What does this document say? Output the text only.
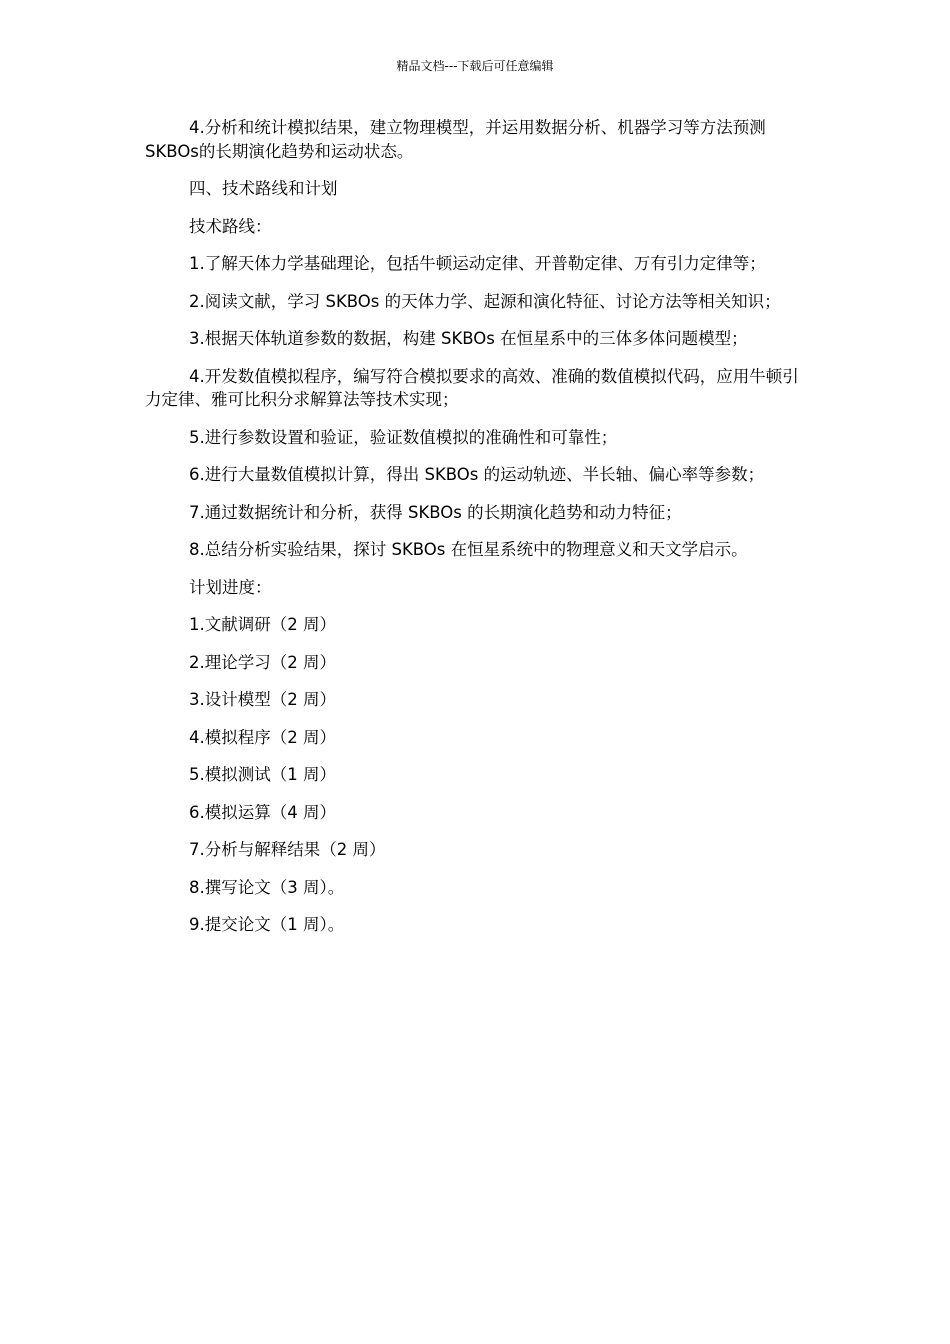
精品文档---下载后可任意编辑

4.分析和统计模拟结果，建立物理模型，并运用数据分析、机器学习等方法预测SKBOs的长期演化趋势和运动状态。

四、技术路线和计划

技术路线：

1.了解天体力学基础理论，包括牛顿运动定律、开普勒定律、万有引力定律等；

2.阅读文献，学习 SKBOs 的天体力学、起源和演化特征、讨论方法等相关知识；

3.根据天体轨道参数的数据，构建 SKBOs 在恒星系中的三体多体问题模型；

4.开发数值模拟程序，编写符合模拟要求的高效、准确的数值模拟代码，应用牛顿引力定律、雅可比积分求解算法等技术实现；

5.进行参数设置和验证，验证数值模拟的准确性和可靠性；

6.进行大量数值模拟计算，得出 SKBOs 的运动轨迹、半长轴、偏心率等参数；

7.通过数据统计和分析，获得 SKBOs 的长期演化趋势和动力特征；

8.总结分析实验结果，探讨 SKBOs 在恒星系统中的物理意义和天文学启示。

计划进度：

1.文献调研（2 周）

2.理论学习（2 周）

3.设计模型（2 周）

4.模拟程序（2 周）

5.模拟测试（1 周）

6.模拟运算（4 周）

7.分析与解释结果（2 周）

8.撰写论文（3 周）。

9.提交论文（1 周）。
